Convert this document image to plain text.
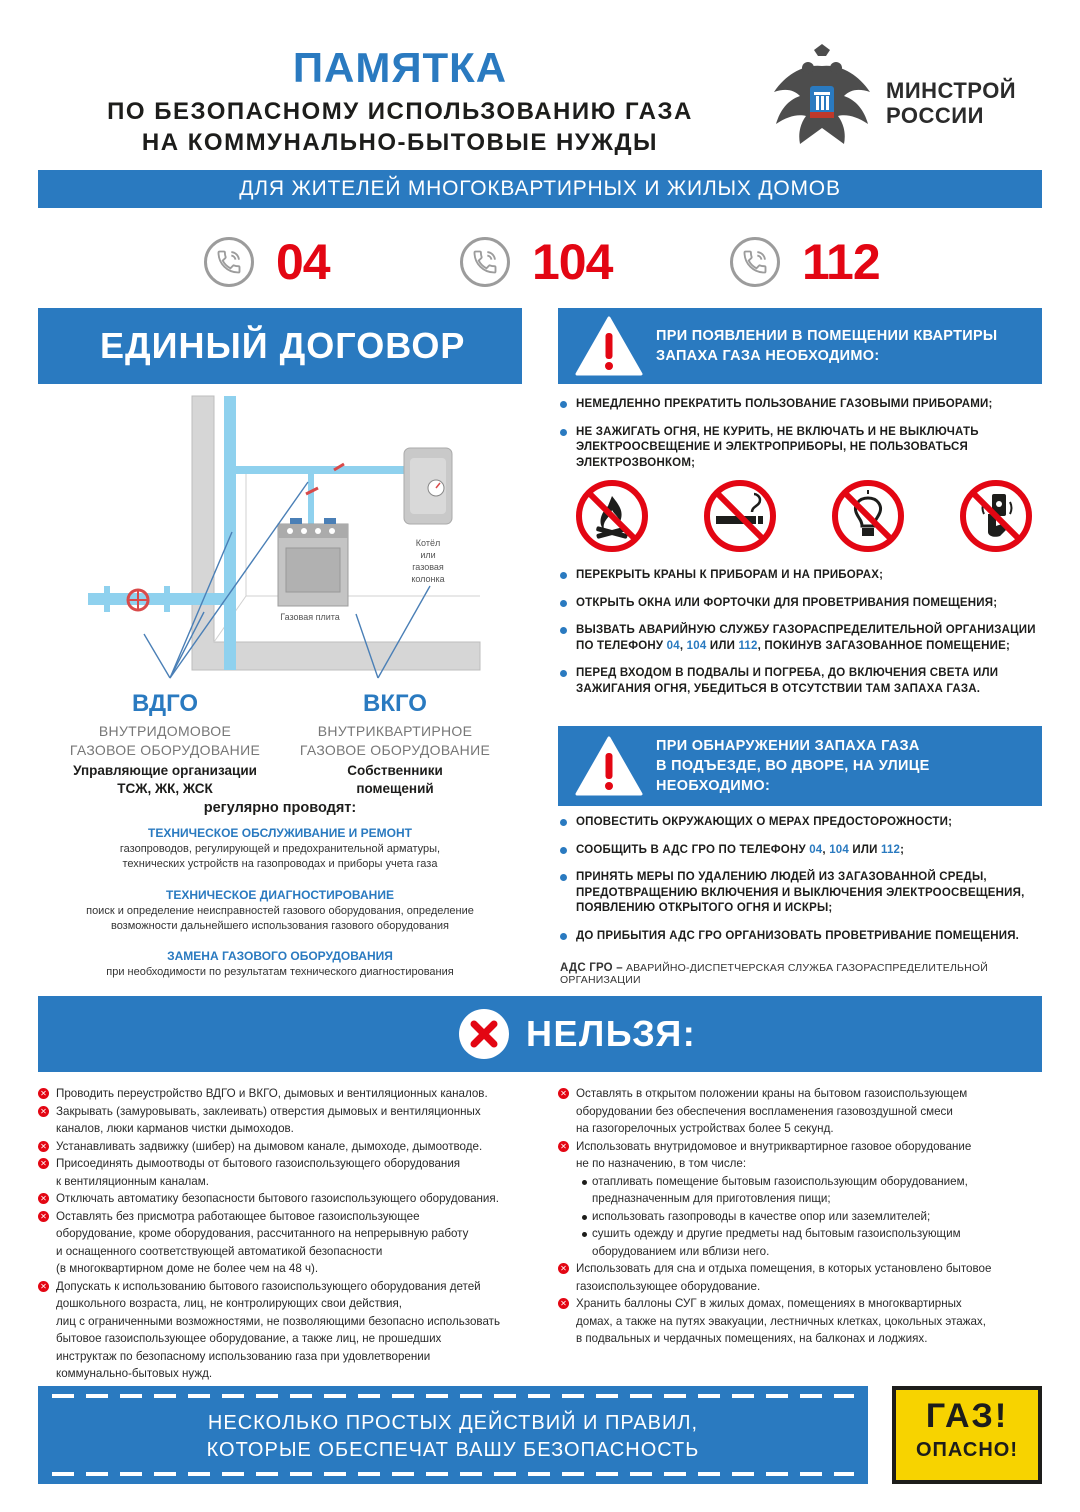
ПАМЯТКА
ПО БЕЗОПАСНОМУ ИСПОЛЬЗОВАНИЮ ГАЗА
НА КОММУНАЛЬНО-БЫТОВЫЕ НУЖДЫ
МИНСТРОЙ
РОССИИ
ДЛЯ ЖИТЕЛЕЙ МНОГОКВАРТИРНЫХ И ЖИЛЫХ ДОМОВ
04	104	112
ЕДИНЫЙ ДОГОВОР
Котёл
или
газовая
колонка
Газовая плита
ВДГО
ВНУТРИДОМОВОЕ
ГАЗОВОЕ ОБОРУДОВАНИЕ
Управляющие организации
ТСЖ, ЖК, ЖСК
ВКГО
ВНУТРИКВАРТИРНОЕ
ГАЗОВОЕ ОБОРУДОВАНИЕ
Собственники
помещений
регулярно проводят:
ТЕХНИЧЕСКОЕ ОБСЛУЖИВАНИЕ И РЕМОНТ
газопроводов, регулирующей и предохранительной арматуры,
технических устройств на газопроводах и приборы учета газа
ТЕХНИЧЕСКОЕ ДИАГНОСТИРОВАНИЕ
поиск и определение неисправностей газового оборудования, определение
возможности дальнейшего использования газового оборудования
ЗАМЕНА ГАЗОВОГО ОБОРУДОВАНИЯ
при необходимости по результатам технического диагностирования
ПРИ ПОЯВЛЕНИИ В ПОМЕЩЕНИИ КВАРТИРЫ
ЗАПАХА ГАЗА НЕОБХОДИМО:
НЕМЕДЛЕННО ПРЕКРАТИТЬ ПОЛЬЗОВАНИЕ ГАЗОВЫМИ ПРИБОРАМИ;
НЕ ЗАЖИГАТЬ ОГНЯ, НЕ КУРИТЬ, НЕ ВКЛЮЧАТЬ И НЕ ВЫКЛЮЧАТЬ ЭЛЕКТРООСВЕЩЕНИЕ И ЭЛЕКТРОПРИБОРЫ, НЕ ПОЛЬЗОВАТЬСЯ ЭЛЕКТРОЗВОНКОМ;
ПЕРЕКРЫТЬ КРАНЫ К ПРИБОРАМ И НА ПРИБОРАХ;
ОТКРЫТЬ ОКНА ИЛИ ФОРТОЧКИ ДЛЯ ПРОВЕТРИВАНИЯ ПОМЕЩЕНИЯ;
ВЫЗВАТЬ АВАРИЙНУЮ СЛУЖБУ ГАЗОРАСПРЕДЕЛИТЕЛЬНОЙ ОРГАНИЗАЦИИ ПО ТЕЛЕФОНУ 04, 104 ИЛИ 112, ПОКИНУВ ЗАГАЗОВАННОЕ ПОМЕЩЕНИЕ;
ПЕРЕД ВХОДОМ В ПОДВАЛЫ И ПОГРЕБА, ДО ВКЛЮЧЕНИЯ СВЕТА ИЛИ ЗАЖИГАНИЯ ОГНЯ, УБЕДИТЬСЯ В ОТСУТСТВИИ ТАМ ЗАПАХА ГАЗА.
ПРИ ОБНАРУЖЕНИИ ЗАПАХА ГАЗА
В ПОДЪЕЗДЕ, ВО ДВОРЕ, НА УЛИЦЕ
НЕОБХОДИМО:
ОПОВЕСТИТЬ ОКРУЖАЮЩИХ О МЕРАХ ПРЕДОСТОРОЖНОСТИ;
СООБЩИТЬ В АДС ГРО ПО ТЕЛЕФОНУ 04, 104 ИЛИ 112;
ПРИНЯТЬ МЕРЫ ПО УДАЛЕНИЮ ЛЮДЕЙ ИЗ ЗАГАЗОВАННОЙ СРЕДЫ, ПРЕДОТВРАЩЕНИЮ ВКЛЮЧЕНИЯ И ВЫКЛЮЧЕНИЯ ЭЛЕКТРООСВЕЩЕНИЯ, ПОЯВЛЕНИЮ ОТКРЫТОГО ОГНЯ И ИСКРЫ;
ДО ПРИБЫТИЯ АДС ГРО ОРГАНИЗОВАТЬ ПРОВЕТРИВАНИЕ ПОМЕЩЕНИЯ.
АДС ГРО – АВАРИЙНО-ДИСПЕТЧЕРСКАЯ СЛУЖБА ГАЗОРАСПРЕДЕЛИТЕЛЬНОЙ ОРГАНИЗАЦИИ
НЕЛЬЗЯ:
✕ Проводить переустройство ВДГО и ВКГО, дымовых и вентиляционных каналов.
✕ Закрывать (замуровывать, заклеивать) отверстия дымовых и вентиляционных
каналов, люки карманов чистки дымоходов.
✕ Устанавливать задвижку (шибер) на дымовом канале, дымоходе, дымоотводе.
✕ Присоединять дымоотводы от бытового газоиспользующего оборудования
к вентиляционным каналам.
✕ Отключать автоматику безопасности бытового газоиспользующего оборудования.
✕ Оставлять без присмотра работающее бытовое газоиспользующее
оборудование, кроме оборудования, рассчитанного на непрерывную работу
и оснащенного соответствующей автоматикой безопасности
(в многоквартирном доме не более чем на 48 ч).
✕ Допускать к использованию бытового газоиспользующего оборудования детей
дошкольного возраста, лиц, не контролирующих свои действия,
лиц с ограниченными возможностями, не позволяющими безопасно использовать
бытовое газоиспользующее оборудование, а также лиц, не прошедших
инструктаж по безопасному использованию газа при удовлетворении
коммунально-бытовых нужд.
✕ Оставлять в открытом положении краны на бытовом газоиспользующем
оборудовании без обеспечения воспламенения газовоздушной смеси
на газогорелочных устройствах более 5 секунд.
✕ Использовать внутридомовое и внутриквартирное газовое оборудование
не по назначению, в том числе:
отапливать помещение бытовым газоиспользующим оборудованием,
предназначенным для приготовления пищи;
использовать газопроводы в качестве опор или заземлителей;
сушить одежду и другие предметы над бытовым газоиспользующим
оборудованием или вблизи него.
✕ Использовать для сна и отдыха помещения, в которых установлено бытовое
газоиспользующее оборудование.
✕ Хранить баллоны СУГ в жилых домах, помещениях в многоквартирных
домах, а также на путях эвакуации, лестничных клетках, цокольных этажах,
в подвальных и чердачных помещениях, на балконах и лоджиях.
НЕСКОЛЬКО ПРОСТЫХ ДЕЙСТВИЙ И ПРАВИЛ,
КОТОРЫЕ ОБЕСПЕЧАТ ВАШУ БЕЗОПАСНОСТЬ
ГАЗ!
ОПАСНО!
